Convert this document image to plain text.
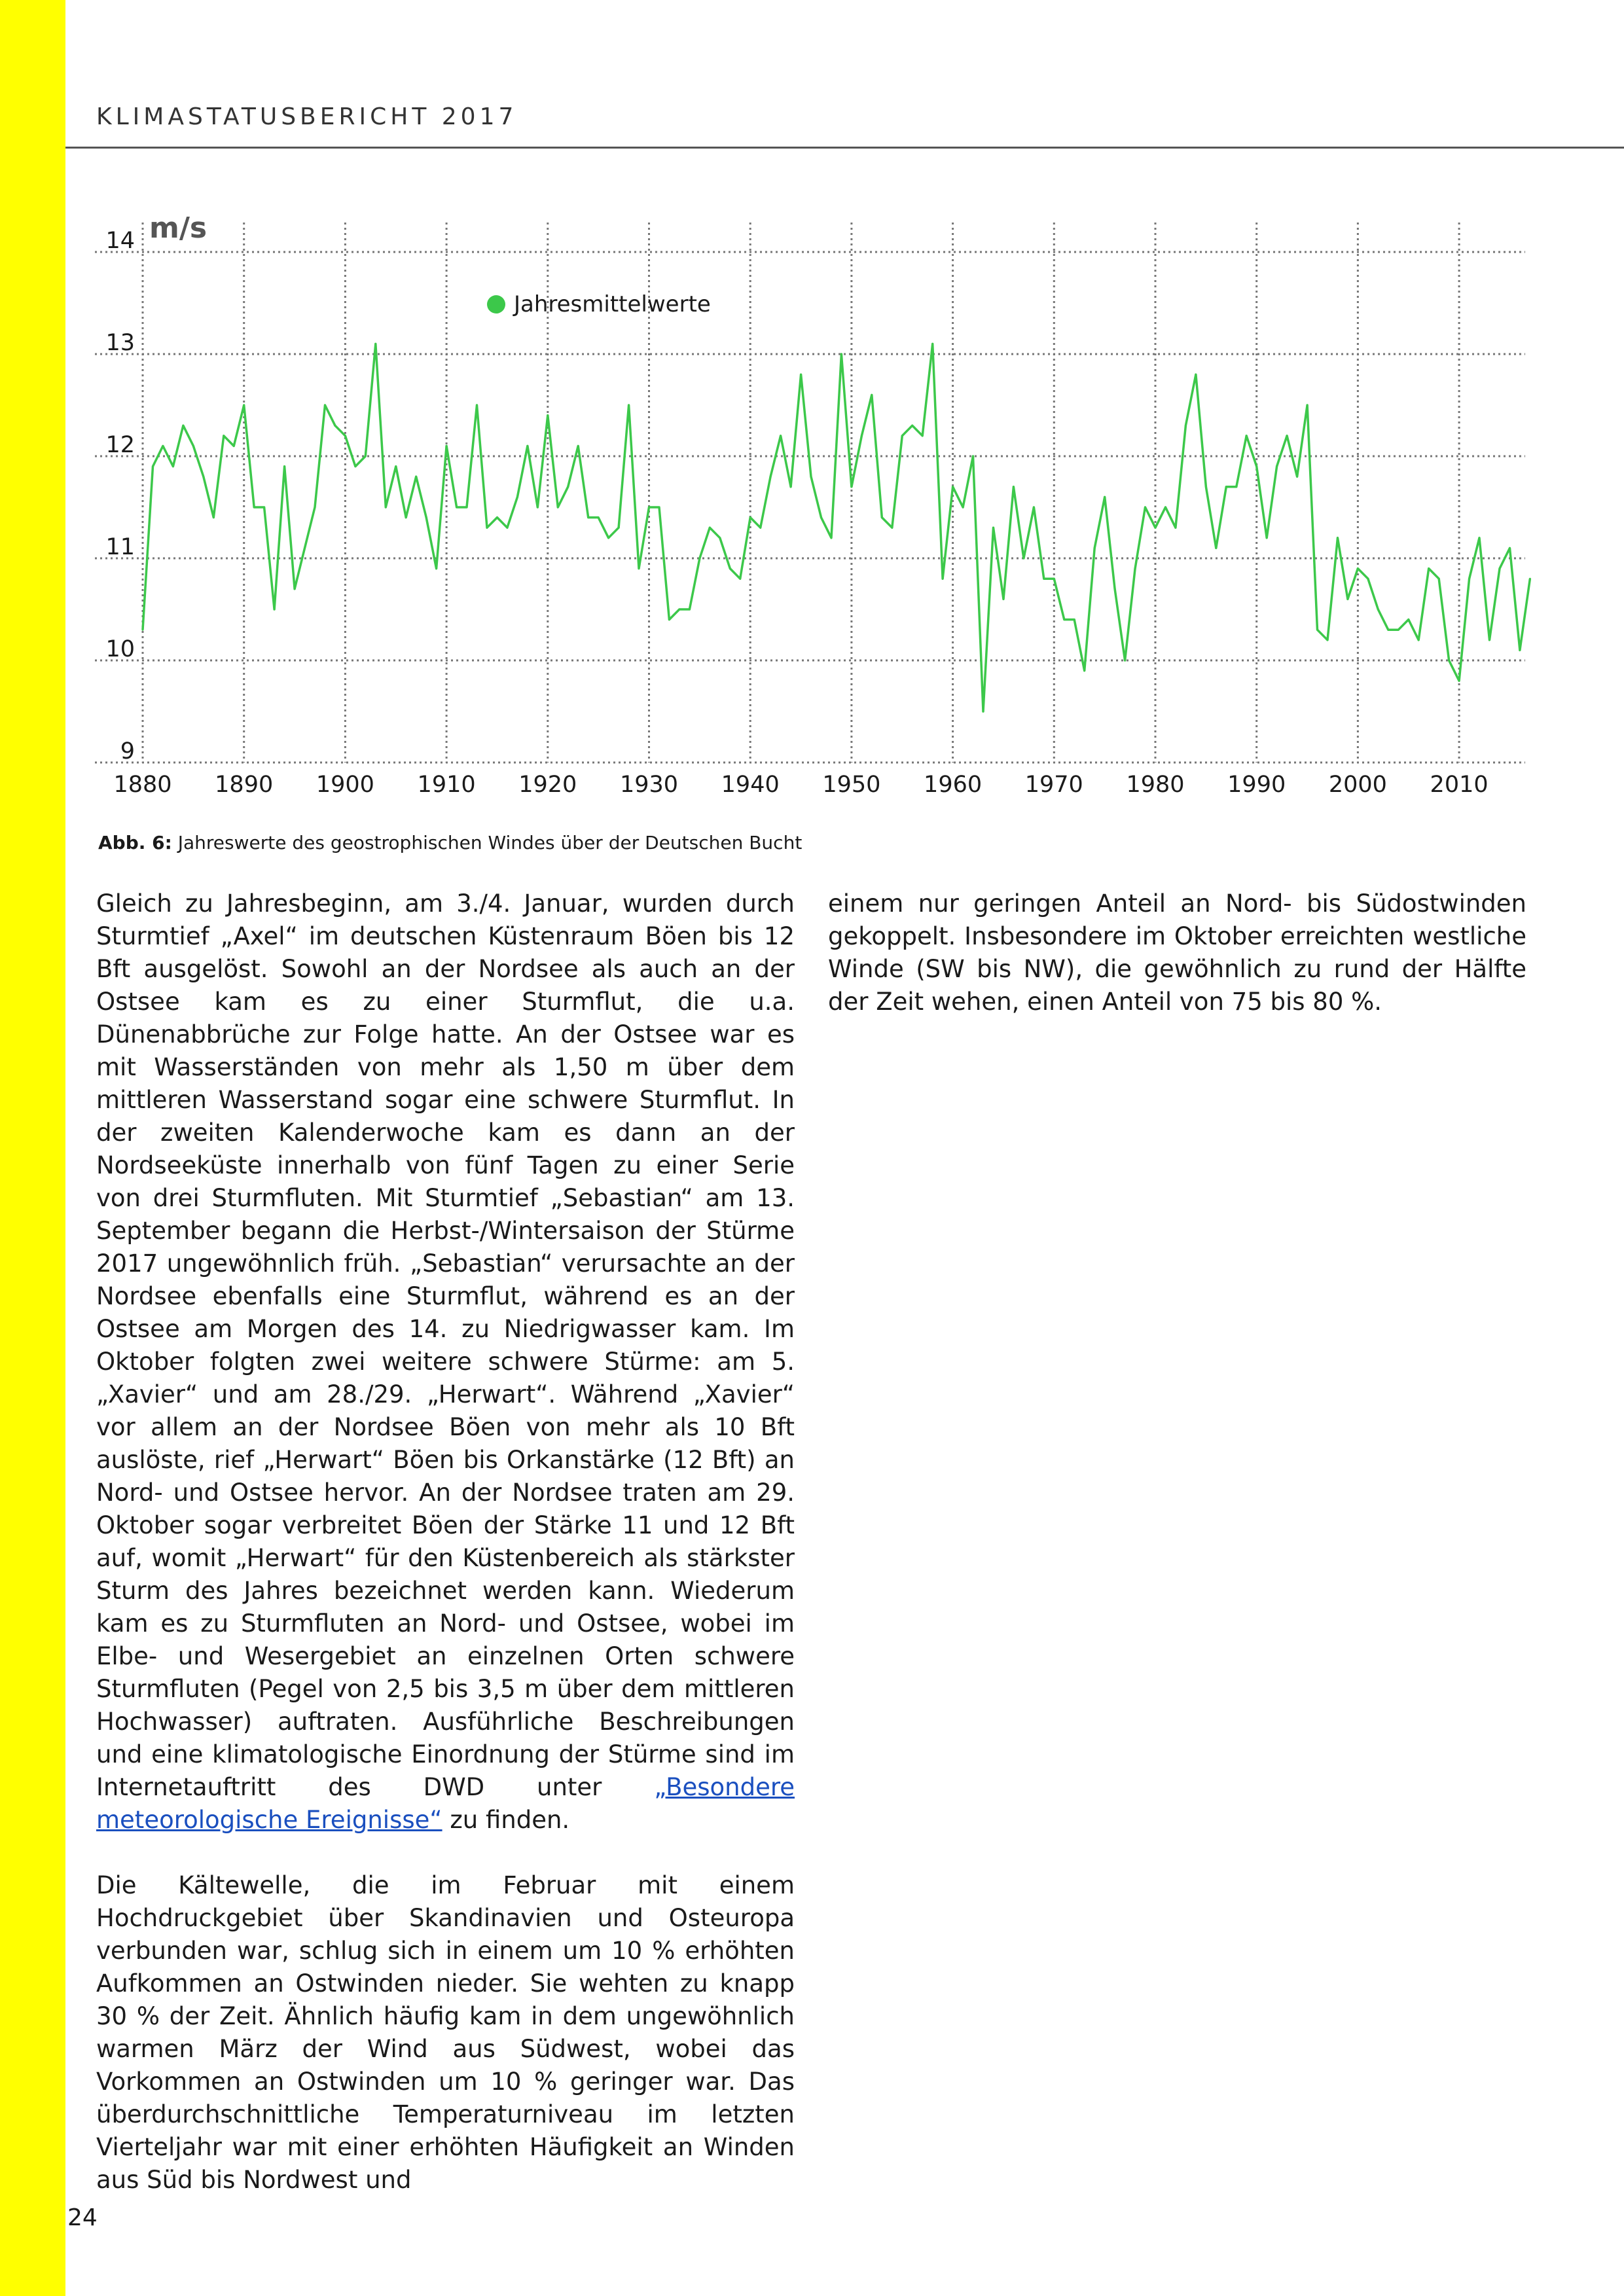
KLIMASTATUSBERICHT 2017
9
10
11
12
13
14
1880 1890 1900 1910 1920 1930 1940 1950 1960 1970 1980 1990 2000 2010
m/s
Jahresmittelwerte
Abb. 6: Jahreswerte des geostrophischen Windes über der Deutschen Bucht

Gleich zu Jahresbeginn, am 3./4. Januar, wurden durch Sturmtief „Axel“ im deutschen Küstenraum Böen bis 12 Bft ausgelöst. Sowohl an der Nordsee als auch an der Ostsee kam es zu einer Sturmflut, die u.a. Dünenabbrüche zur Folge hatte. An der Ostsee war es mit Wasserständen von mehr als 1,50 m über dem mittleren Wasserstand sogar eine schwere Sturmflut. In der zweiten Kalenderwoche kam es dann an der Nordseeküste innerhalb von fünf Tagen zu einer Serie von drei Sturmfluten. Mit Sturmtief „Sebastian“ am 13. September begann die Herbst-/Wintersaison der Stürme 2017 ungewöhnlich früh. „Sebastian“ verursachte an der Nordsee ebenfalls eine Sturmflut, während es an der Ostsee am Morgen des 14. zu Niedrigwasser kam. Im Oktober folgten zwei weitere schwere Stürme: am 5. „Xavier“ und am 28./29. „Herwart“. Während „Xavier“ vor allem an der Nordsee Böen von mehr als 10 Bft auslöste, rief „Herwart“ Böen bis Orkanstärke (12 Bft) an Nord- und Ostsee hervor. An der Nordsee traten am 29. Oktober sogar verbreitet Böen der Stärke 11 und 12 Bft auf, womit „Herwart“ für den Küstenbereich als stärkster Sturm des Jahres bezeichnet werden kann. Wiederum kam es zu Sturmfluten an Nord- und Ostsee, wobei im Elbe- und Wesergebiet an einzelnen Orten schwere Sturmfluten (Pegel von 2,5 bis 3,5 m über dem mittleren Hochwasser) auftraten. Ausführliche Beschreibungen und eine klimatologische Einordnung der Stürme sind im Internetauftritt des DWD unter „Besondere meteorologische Ereignisse“ zu finden.

Die Kältewelle, die im Februar mit einem Hochdruckgebiet über Skandinavien und Osteuropa verbunden war, schlug sich in einem um 10 % erhöhten Aufkommen an Ostwinden nieder. Sie wehten zu knapp 30 % der Zeit. Ähnlich häufig kam in dem ungewöhnlich warmen März der Wind aus Südwest, wobei das Vorkommen an Ostwinden um 10 % geringer war. Das überdurchschnittliche Temperaturniveau im letzten Vierteljahr war mit einer erhöhten Häufigkeit an Winden aus Süd bis Nordwest und

einem nur geringen Anteil an Nord- bis Südostwinden gekoppelt. Insbesondere im Oktober erreichten westliche Winde (SW bis NW), die gewöhnlich zu rund der Hälfte der Zeit wehen, einen Anteil von 75 bis 80 %.

24
